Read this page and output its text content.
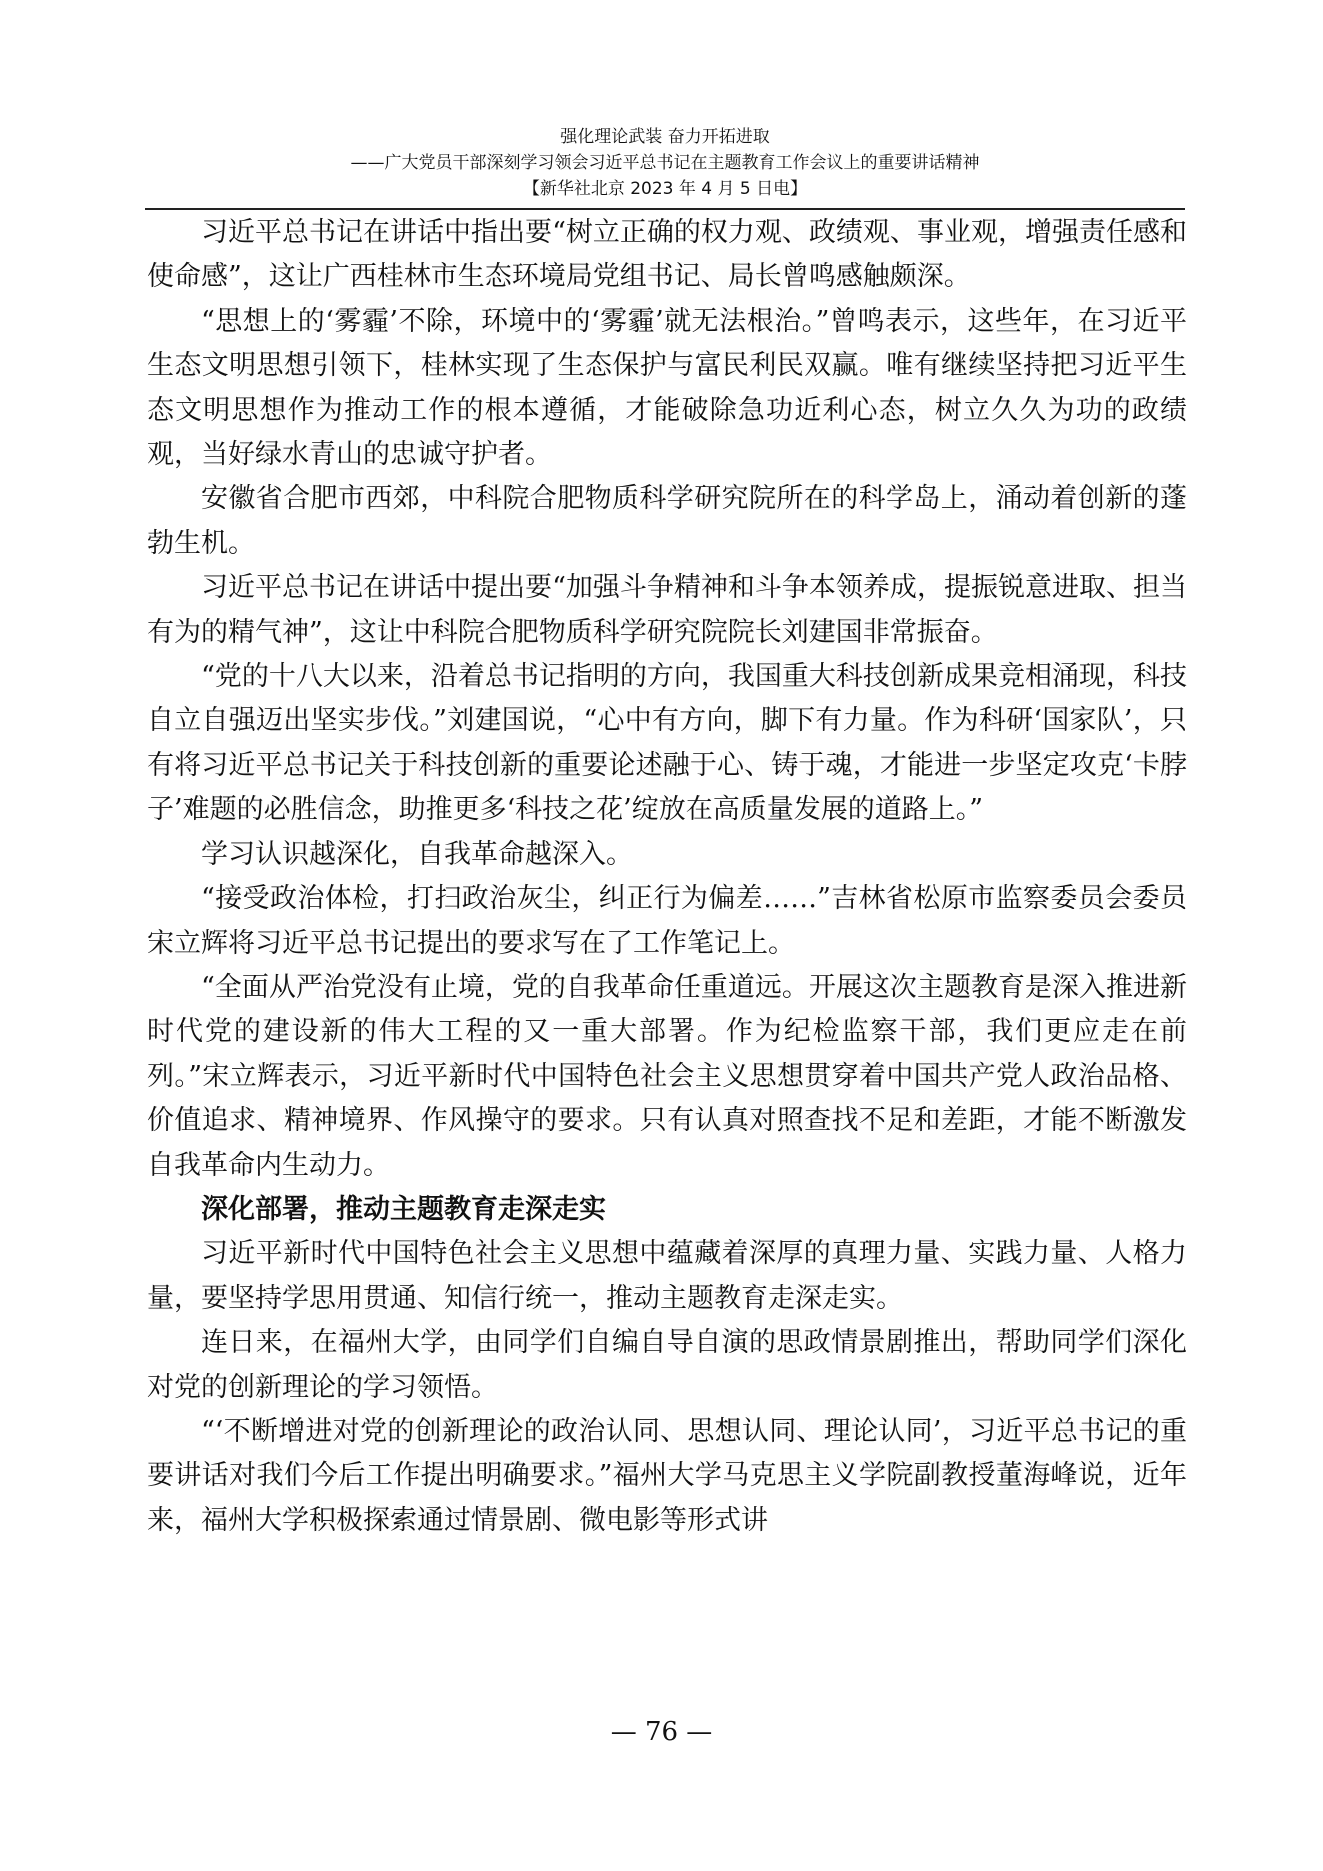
强化理论武装 奋力开拓进取
——广大党员干部深刻学习领会习近平总书记在主题教育工作会议上的重要讲话精神
【新华社北京 2023 年 4 月 5 日电】

习近平总书记在讲话中指出要“树立正确的权力观、政绩观、事业观，增强责任感和使命感”，这让广西桂林市生态环境局党组书记、局长曾鸣感触颇深。

“思想上的‘雾霾’不除，环境中的‘雾霾’就无法根治。”曾鸣表示，这些年，在习近平生态文明思想引领下，桂林实现了生态保护与富民利民双赢。唯有继续坚持把习近平生态文明思想作为推动工作的根本遵循，才能破除急功近利心态，树立久久为功的政绩观，当好绿水青山的忠诚守护者。

安徽省合肥市西郊，中科院合肥物质科学研究院所在的科学岛上，涌动着创新的蓬勃生机。

习近平总书记在讲话中提出要“加强斗争精神和斗争本领养成，提振锐意进取、担当有为的精气神”，这让中科院合肥物质科学研究院院长刘建国非常振奋。

“党的十八大以来，沿着总书记指明的方向，我国重大科技创新成果竞相涌现，科技自立自强迈出坚实步伐。”刘建国说，“心中有方向，脚下有力量。作为科研‘国家队’，只有将习近平总书记关于科技创新的重要论述融于心、铸于魂，才能进一步坚定攻克‘卡脖子’难题的必胜信念，助推更多‘科技之花’绽放在高质量发展的道路上。”

学习认识越深化，自我革命越深入。

“接受政治体检，打扫政治灰尘，纠正行为偏差……”吉林省松原市监察委员会委员宋立辉将习近平总书记提出的要求写在了工作笔记上。

“全面从严治党没有止境，党的自我革命任重道远。开展这次主题教育是深入推进新时代党的建设新的伟大工程的又一重大部署。作为纪检监察干部，我们更应走在前列。”宋立辉表示，习近平新时代中国特色社会主义思想贯穿着中国共产党人政治品格、价值追求、精神境界、作风操守的要求。只有认真对照查找不足和差距，才能不断激发自我革命内生动力。

深化部署，推动主题教育走深走实

习近平新时代中国特色社会主义思想中蕴藏着深厚的真理力量、实践力量、人格力量，要坚持学思用贯通、知信行统一，推动主题教育走深走实。

连日来，在福州大学，由同学们自编自导自演的思政情景剧推出，帮助同学们深化对党的创新理论的学习领悟。

“‘不断增进对党的创新理论的政治认同、思想认同、理论认同’，习近平总书记的重要讲话对我们今后工作提出明确要求。”福州大学马克思主义学院副教授董海峰说，近年来，福州大学积极探索通过情景剧、微电影等形式讲

— 76 —
